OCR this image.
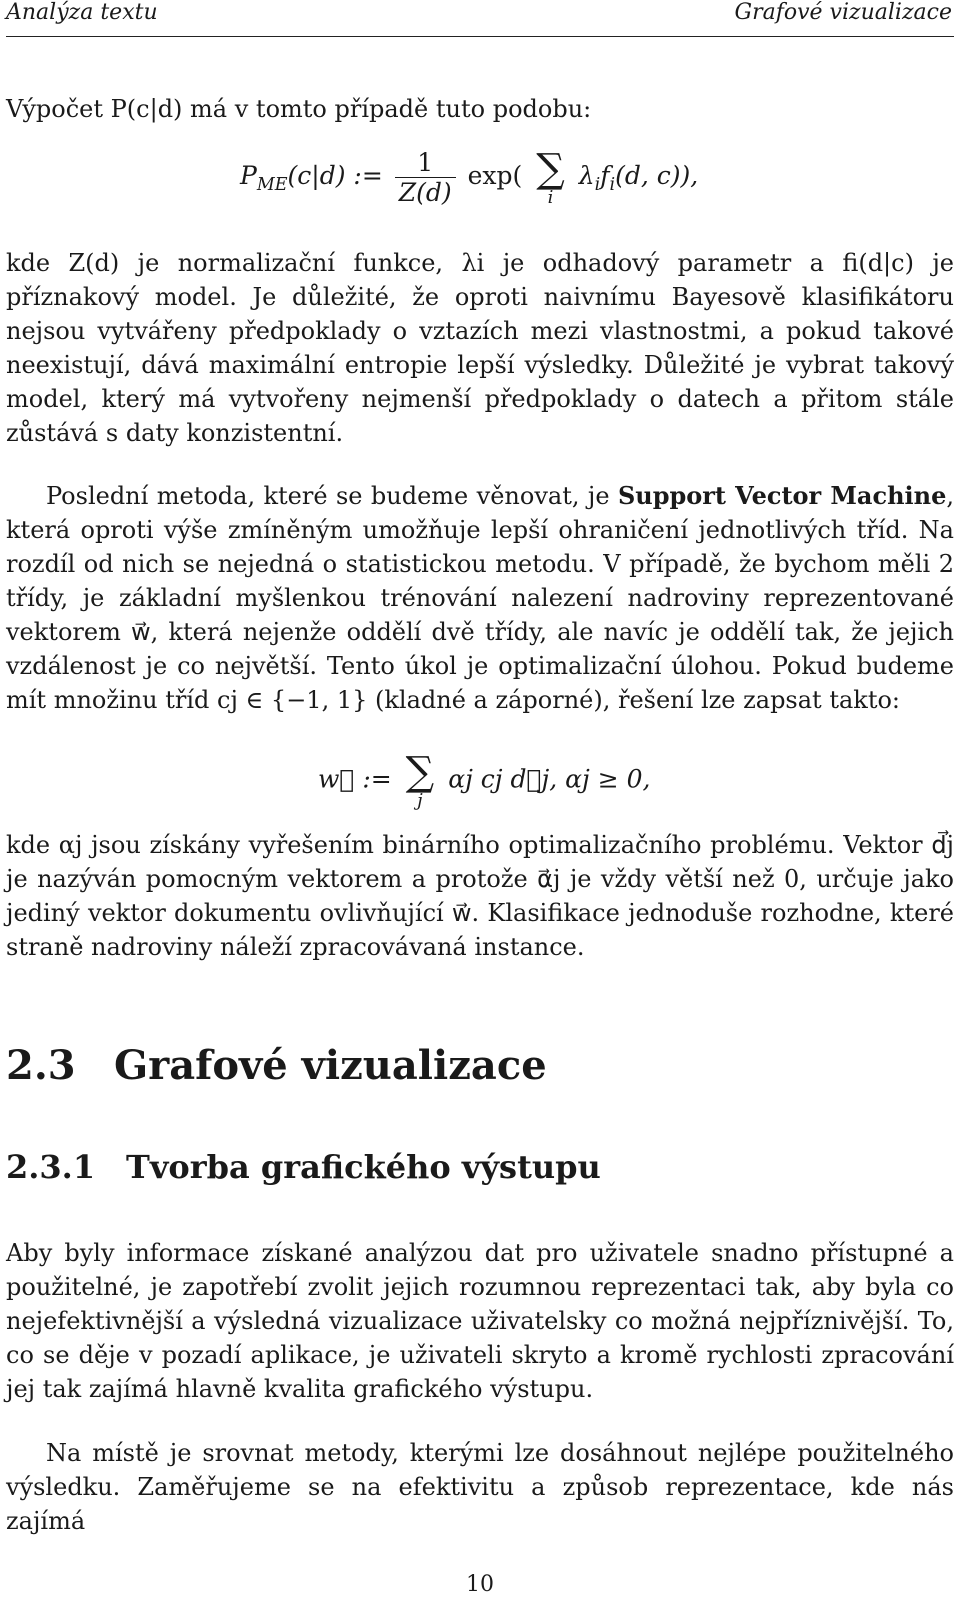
Analýza textu	Grafové vizualizace
Výpočet P(c|d) má v tomto případě tuto podobu:
$P_{ME}(c|d)$ := $\frac{1}{Z(d)} \exp$( ∑
i
$\lambda_if_i(d$, c)),
kde Z(d) je normalizační funkce, λi je odhadový parametr a fi(d|c) je příznakový model. Je důležité, že oproti naivnímu Bayesově klasifikátoru nejsou vytvářeny předpoklady o vztazích mezi vlastnostmi, a pokud takové neexistují, dává maximální entropie lepší výsledky. Důležité je vybrat takový model, který má vytvořeny nejmenší předpoklady o datech a přitom stále zůstává s daty konzistentní.
Poslední metoda, které se budeme věnovat, je Support Vector Machine, která oproti výše zmíněným umožňuje lepší ohraničení jednotlivých tříd. Na rozdíl od nich se nejedná o statistickou metodu. V případě, že bychom měli 2 třídy, je základní myšlenkou trénování nalezení nadroviny reprezentované vektorem w⃗, která nejenže oddělí dvě třídy, ale navíc je oddělí tak, že jejich vzdálenost je co největší. Tento úkol je optimalizační úlohou. Pokud budeme mít množinu tříd cj ∈ {−1, 1} (kladné a záporné), řešení lze zapsat takto:
w⃗ := ∑
j
αj cj d⃗j, αj ≥ 0,
kde αj jsou získány vyřešením binárního optimalizačního problému. Vektor d⃗j je nazýván pomocným vektorem a protože α⃗j je vždy větší než 0, určuje jako jediný vektor dokumentu ovlivňující w⃗. Klasifikace jednoduše rozhodne, které straně nadroviny náleží zpracovávaná instance.
2.3 Grafové vizualizace
2.3.1 Tvorba grafického výstupu
Aby byly informace získané analýzou dat pro uživatele snadno přístupné a použitelné, je zapotřebí zvolit jejich rozumnou reprezentaci tak, aby byla co nejefektivnější a výsledná vizualizace uživatelsky co možná nejpříznivější. To, co se děje v pozadí aplikace, je uživateli skryto a kromě rychlosti zpracování jej tak zajímá hlavně kvalita grafického výstupu.
Na místě je srovnat metody, kterými lze dosáhnout nejlépe použitelného výsledku. Zaměřujeme se na efektivitu a způsob reprezentace, kde nás zajímá
10
